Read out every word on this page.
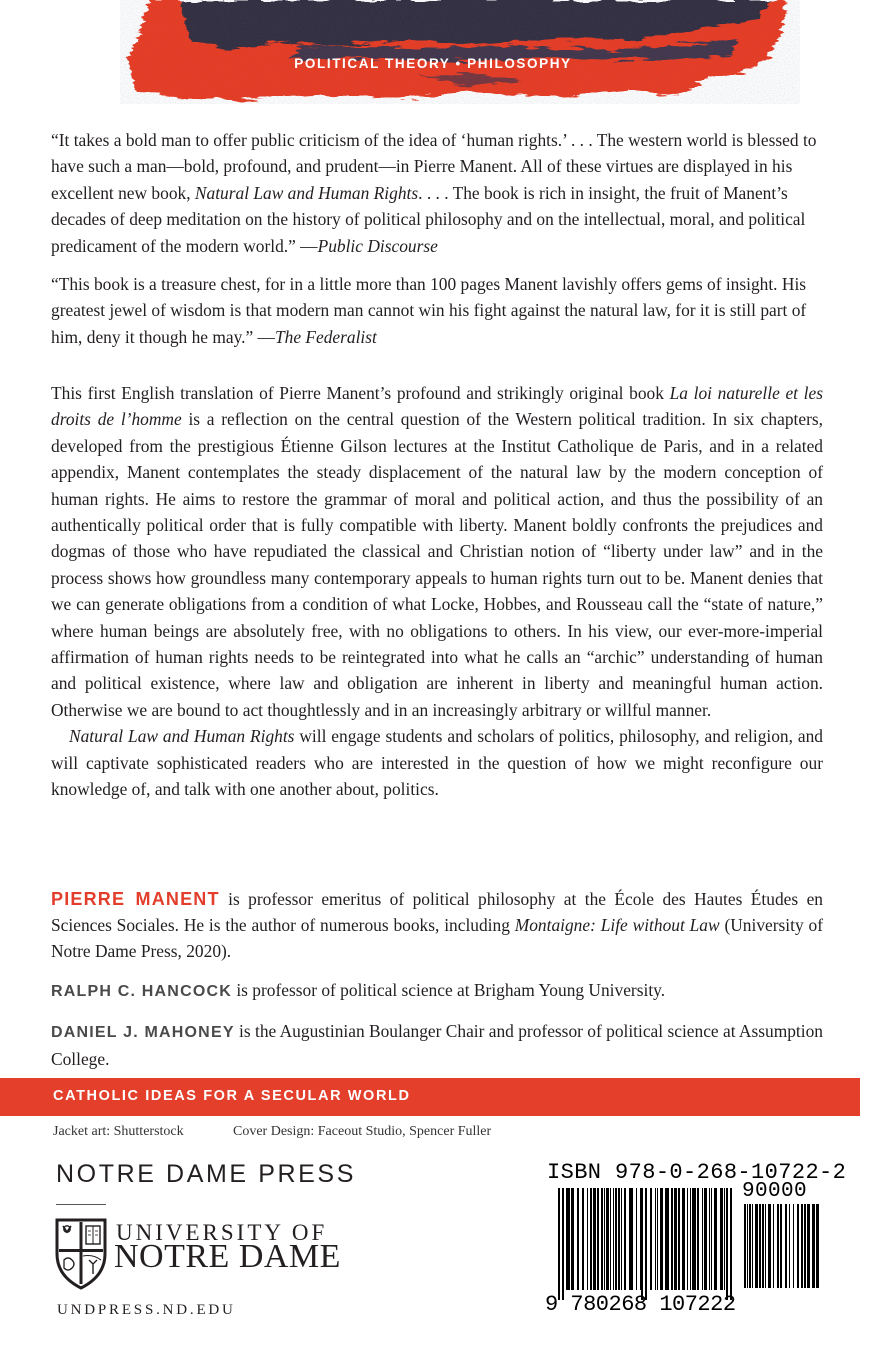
POLITICAL THEORY • PHILOSOPHY

“It takes a bold man to offer public criticism of the idea of ‘human rights.’ . . . The western world is blessed to have such a man—bold, profound, and prudent—in Pierre Manent. All of these virtues are displayed in his excellent new book, Natural Law and Human Rights. . . . The book is rich in insight, the fruit of Manent’s decades of deep meditation on the history of political philosophy and on the intellectual, moral, and political predicament of the modern world.” —Public Discourse

“This book is a treasure chest, for in a little more than 100 pages Manent lavishly offers gems of insight. His greatest jewel of wisdom is that modern man cannot win his fight against the natural law, for it is still part of him, deny it though he may.” —The Federalist

This first English translation of Pierre Manent’s profound and strikingly original book La loi naturelle et les droits de l’homme is a reflection on the central question of the Western political tradition. In six chapters, developed from the prestigious Étienne Gilson lectures at the Institut Catholique de Paris, and in a related appendix, Manent contemplates the steady displacement of the natural law by the modern conception of human rights. He aims to restore the grammar of moral and political action, and thus the possibility of an authentically political order that is fully compatible with liberty. Manent boldly confronts the prejudices and dogmas of those who have repudiated the classical and Christian notion of “liberty under law” and in the process shows how groundless many contemporary appeals to human rights turn out to be. Manent denies that we can generate obligations from a condition of what Locke, Hobbes, and Rousseau call the “state of nature,” where human beings are absolutely free, with no obligations to others. In his view, our ever-more-imperial affirmation of human rights needs to be reintegrated into what he calls an “archic” understanding of human and political existence, where law and obligation are inherent in liberty and meaningful human action. Otherwise we are bound to act thoughtlessly and in an increasingly arbitrary or willful manner.

Natural Law and Human Rights will engage students and scholars of politics, philosophy, and religion, and will captivate sophisticated readers who are interested in the question of how we might reconfigure our knowledge of, and talk with one another about, politics.

PIERRE MANENT is professor emeritus of political philosophy at the École des Hautes Études en Sciences Sociales. He is the author of numerous books, including Montaigne: Life without Law (University of Notre Dame Press, 2020).

RALPH C. HANCOCK is professor of political science at Brigham Young University.

DANIEL J. MAHONEY is the Augustinian Boulanger Chair and professor of political science at Assumption College.

CATHOLIC IDEAS FOR A SECULAR WORLD
Jacket art: Shutterstock	Cover Design: Faceout Studio, Spencer Fuller
NOTRE DAME PRESS
UNIVERSITY OF
NOTRE DAME
UNDPRESS.ND.EDU
ISBN 978-0-268-10722-2
90000
9 780268 107222
